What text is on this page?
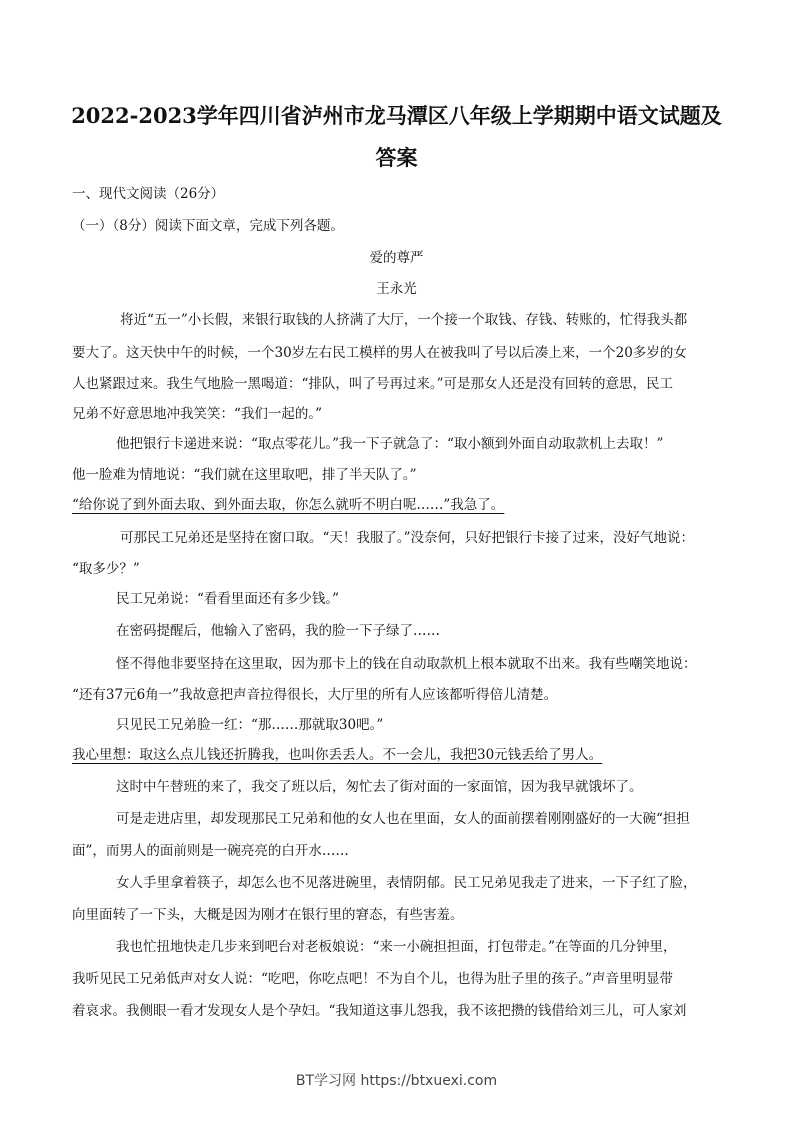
2022-2023学年四川省泸州市龙马潭区八年级上学期期中语文试题及
答案
一、现代文阅读（26分）
（一）（8分）阅读下面文章，完成下列各题。
爱的尊严
王永光
将近“五一”小长假，来银行取钱的人挤满了大厅，一个接一个取钱、存钱、转账的，忙得我头都
要大了。这天快中午的时候，一个30岁左右民工模样的男人在被我叫了号以后凑上来，一个20多岁的女
人也紧跟过来。我生气地脸一黑喝道：“排队，叫了号再过来。”可是那女人还是没有回转的意思，民工
兄弟不好意思地冲我笑笑：“我们一起的。”
他把银行卡递进来说：“取点零花儿。”我一下子就急了：“取小额到外面自动取款机上去取！”
他一脸难为情地说：“我们就在这里取吧，排了半天队了。”
“给你说了到外面去取、到外面去取，你怎么就听不明白呢……”我急了。
可那民工兄弟还是坚持在窗口取。“天！我服了。”没奈何，只好把银行卡接了过来，没好气地说：
“取多少？”
民工兄弟说：“看看里面还有多少钱。”
在密码提醒后，他输入了密码，我的脸一下子绿了……
怪不得他非要坚持在这里取，因为那卡上的钱在自动取款机上根本就取不出来。我有些嘲笑地说：
“还有37元6角一”我故意把声音拉得很长，大厅里的所有人应该都听得倍儿清楚。
只见民工兄弟脸一红：“那……那就取30吧。”
我心里想：取这么点儿钱还折腾我，也叫你丢丢人。不一会儿，我把30元钱丢给了男人。
这时中午替班的来了，我交了班以后，匆忙去了街对面的一家面馆，因为我早就饿坏了。
可是走进店里，却发现那民工兄弟和他的女人也在里面，女人的面前摆着刚刚盛好的一大碗“担担
面”，而男人的面前则是一碗亮亮的白开水……
女人手里拿着筷子，却怎么也不见落进碗里，表情阴郁。民工兄弟见我走了进来，一下子红了脸，
向里面转了一下头，大概是因为刚才在银行里的窘态，有些害羞。
我也忙扭地快走几步来到吧台对老板娘说：“来一小碗担担面，打包带走。”在等面的几分钟里，
我听见民工兄弟低声对女人说：“吃吧，你吃点吧！不为自个儿，也得为肚子里的孩子。”声音里明显带
着哀求。我侧眼一看才发现女人是个孕妇。“我知道这事儿怨我，我不该把攒的钱借给刘三儿，可人家刘
BT学习网 https://btxuexi.com
